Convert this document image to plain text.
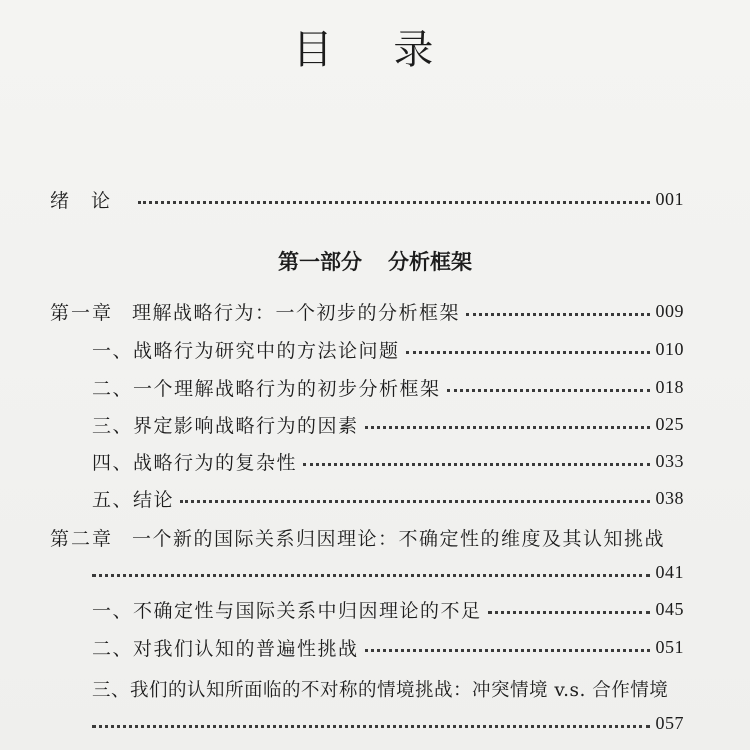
目 录
绪 论	001
第一部分 分析框架
第一章 理解战略行为：一个初步的分析框架	009
一、战略行为研究中的方法论问题	010
二、一个理解战略行为的初步分析框架	018
三、界定影响战略行为的因素	025
四、战略行为的复杂性	033
五、结论	038
第二章 一个新的国际关系归因理论：不确定性的维度及其认知挑战
041
一、不确定性与国际关系中归因理论的不足	045
二、对我们认知的普遍性挑战	051
三、我们的认知所面临的不对称的情境挑战：冲突情境 v.s. 合作情境
057
